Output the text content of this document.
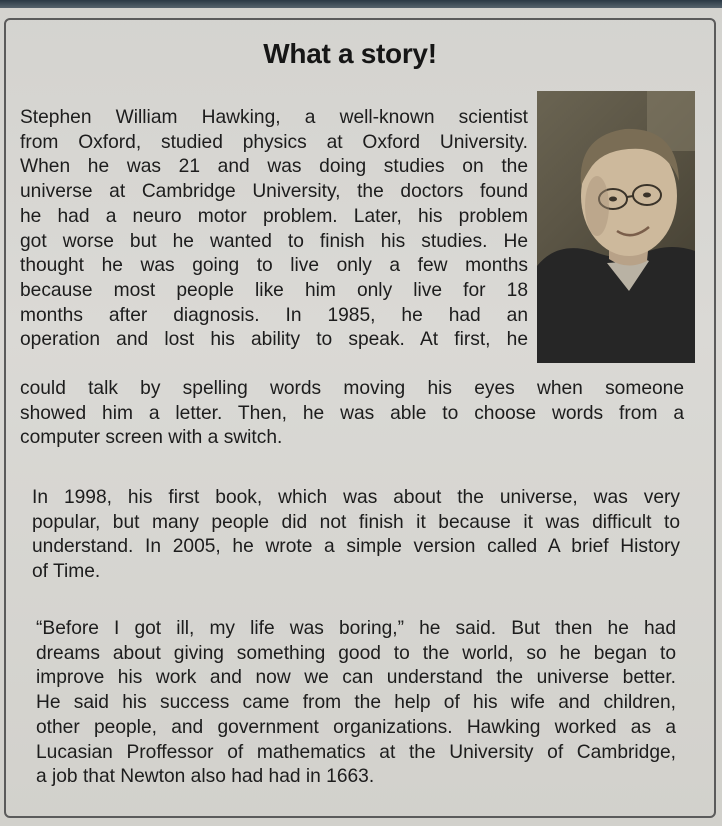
What a story!

Stephen William Hawking, a well-known scientist
from Oxford, studied physics at Oxford University.
When he was 21 and was doing studies on the
universe at Cambridge University, the doctors found
he had a neuro motor problem. Later, his problem
got worse but he wanted to finish his studies. He
thought he was going to live only a few months
because most people like him only live for 18
months after diagnosis. In 1985, he had an
operation and lost his ability to speak. At first, he

could talk by spelling words moving his eyes when someone
showed him a letter. Then, he was able to choose words from a
computer screen with a switch.

In 1998, his first book, which was about the universe, was very
popular, but many people did not finish it because it was difficult to
understand. In 2005, he wrote a simple version called A brief History
of Time.

“Before I got ill, my life was boring,” he said. But then he had
dreams about giving something good to the world, so he began to
improve his work and now we can understand the universe better.
He said his success came from the help of his wife and children,
other people, and government organizations. Hawking worked as a
Lucasian Proffessor of mathematics at the University of Cambridge,
a job that Newton also had had in 1663.
